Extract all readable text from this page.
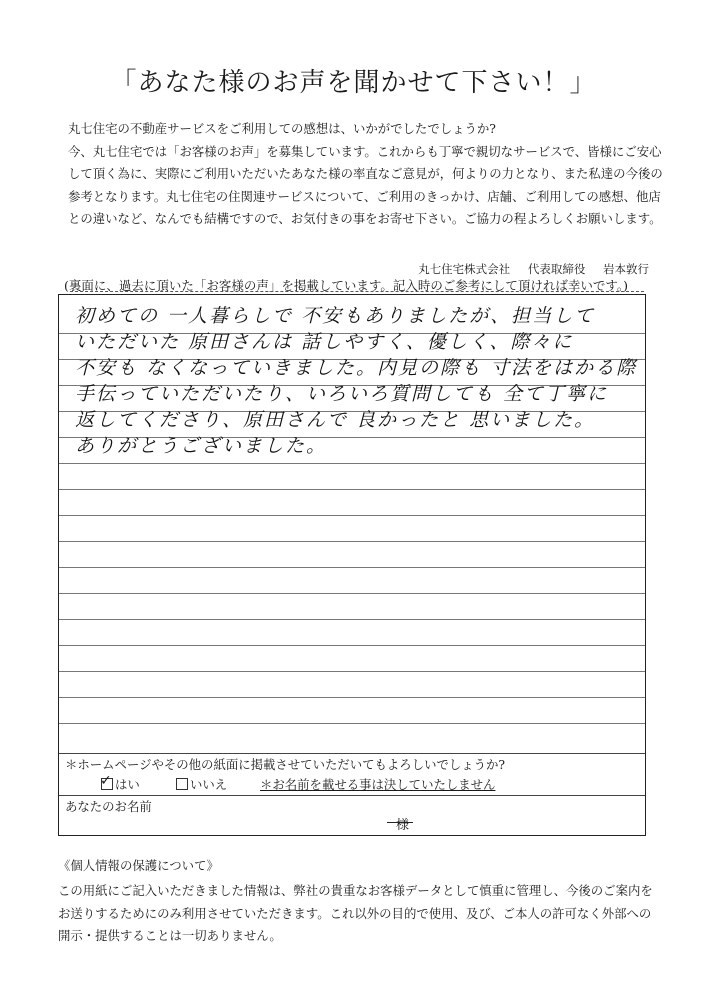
「あなた様のお声を聞かせて下さい！」

丸七住宅の不動産サービスをご利用しての感想は、いかがでしたでしょうか?

今、丸七住宅では「お客様のお声」を募集しています。これからも丁寧で親切なサービスで、皆様にご安心

して頂く為に、実際にご利用いただいたあなた様の率直なご意見が，何よりの力となり、また私達の今後の

参考となります。丸七住宅の住関連サービスについて、ご利用のきっかけ、店舗、ご利用しての感想、他店

との違いなど、なんでも結構ですので、お気付きの事をお寄せ下さい。ご協力の程よろしくお願いします。

丸七住宅株式会社 代表取締役 岩本敦行
(裏面に、過去に頂いた「お客様の声」を掲載しています。記入時のご参考にして頂ければ幸いです。)
初めての 一人暮らしで 不安もありましたが、担当して
いただいた 原田さんは 話しやすく、優しく、際々に
不安も なくなっていきました。内見の際も 寸法をはかる際
手伝っていただいたり、いろいろ質問しても 全て丁寧に
返してくださり、原田さんで 良かったと 思いました。
ありがとうございました。
＊ホームページやその他の紙面に掲載させていただいてもよろしいでしょうか?
✓ はい	いいえ	＊お名前を載せる事は決していたしません
あなたのお名前
様
《個人情報の保護について》

この用紙にご記入いただきました情報は、弊社の貴重なお客様データとして慎重に管理し、今後のご案内を

お送りするためにのみ利用させていただきます。これ以外の目的で使用、及び、ご本人の許可なく外部への

開示・提供することは一切ありません。
